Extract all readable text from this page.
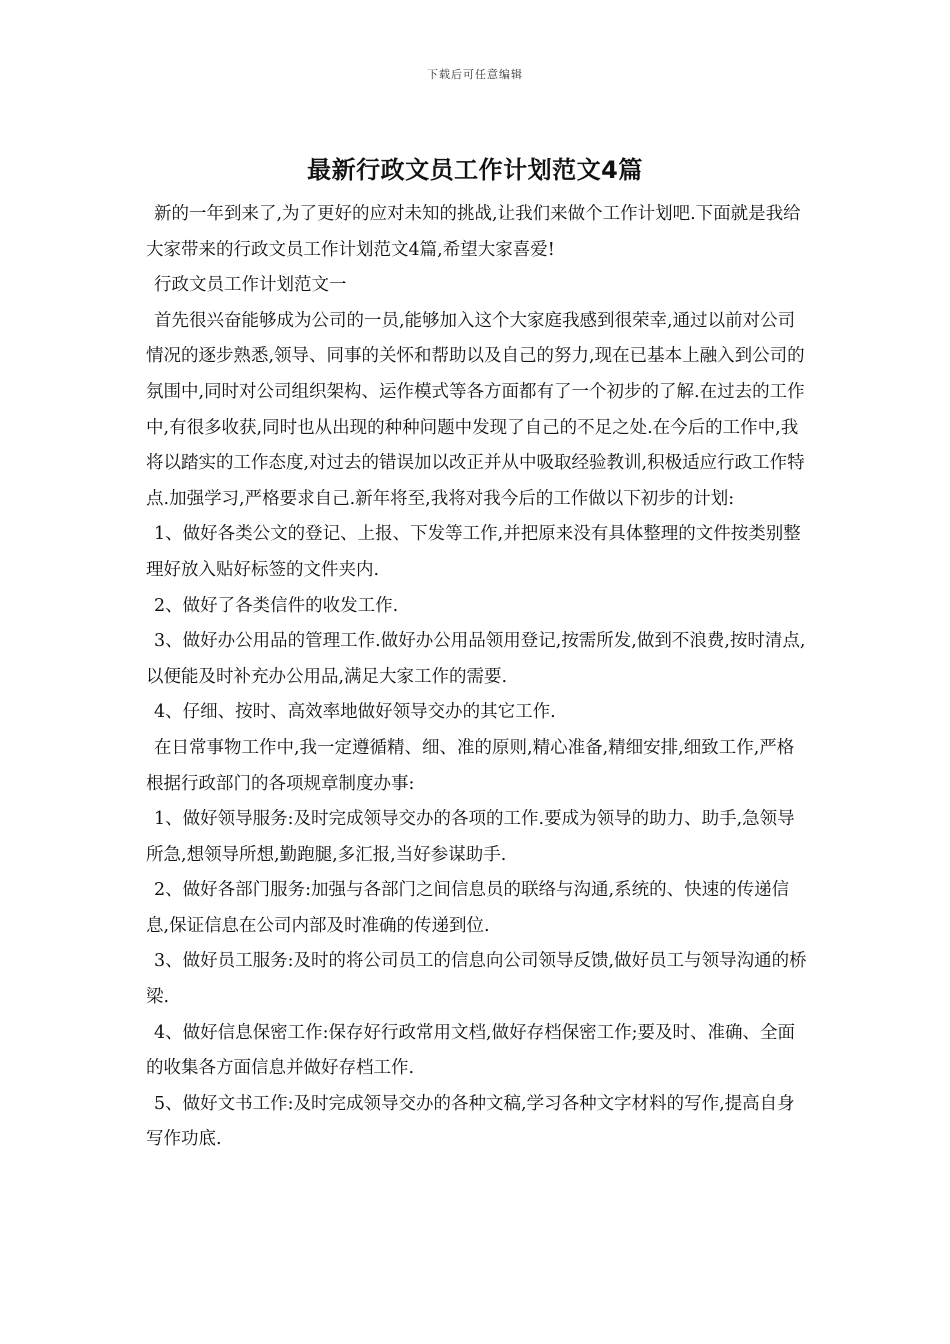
下载后可任意编辑
最新行政文员工作计划范文4篇

新的一年到来了,为了更好的应对未知的挑战,让我们来做个工作计划吧.下面就是我给大家带来的行政文员工作计划范文4篇,希望大家喜爱!

行政文员工作计划范文一

首先很兴奋能够成为公司的一员,能够加入这个大家庭我感到很荣幸,通过以前对公司情况的逐步熟悉,领导、同事的关怀和帮助以及自己的努力,现在已基本上融入到公司的氛围中,同时对公司组织架构、运作模式等各方面都有了一个初步的了解.在过去的工作中,有很多收获,同时也从出现的种种问题中发现了自己的不足之处.在今后的工作中,我将以踏实的工作态度,对过去的错误加以改正并从中吸取经验教训,积极适应行政工作特点.加强学习,严格要求自己.新年将至,我将对我今后的工作做以下初步的计划:

1、做好各类公文的登记、上报、下发等工作,并把原来没有具体整理的文件按类别整理好放入贴好标签的文件夹内.

2、做好了各类信件的收发工作.

3、做好办公用品的管理工作.做好办公用品领用登记,按需所发,做到不浪费,按时清点,以便能及时补充办公用品,满足大家工作的需要.

4、仔细、按时、高效率地做好领导交办的其它工作.

在日常事物工作中,我一定遵循精、细、准的原则,精心准备,精细安排,细致工作,严格根据行政部门的各项规章制度办事:

1、做好领导服务:及时完成领导交办的各项的工作.要成为领导的助力、助手,急领导所急,想领导所想,勤跑腿,多汇报,当好参谋助手.

2、做好各部门服务:加强与各部门之间信息员的联络与沟通,系统的、快速的传递信息,保证信息在公司内部及时准确的传递到位.

3、做好员工服务:及时的将公司员工的信息向公司领导反馈,做好员工与领导沟通的桥梁.

4、做好信息保密工作:保存好行政常用文档,做好存档保密工作;要及时、准确、全面的收集各方面信息并做好存档工作.

5、做好文书工作:及时完成领导交办的各种文稿,学习各种文字材料的写作,提高自身写作功底.
